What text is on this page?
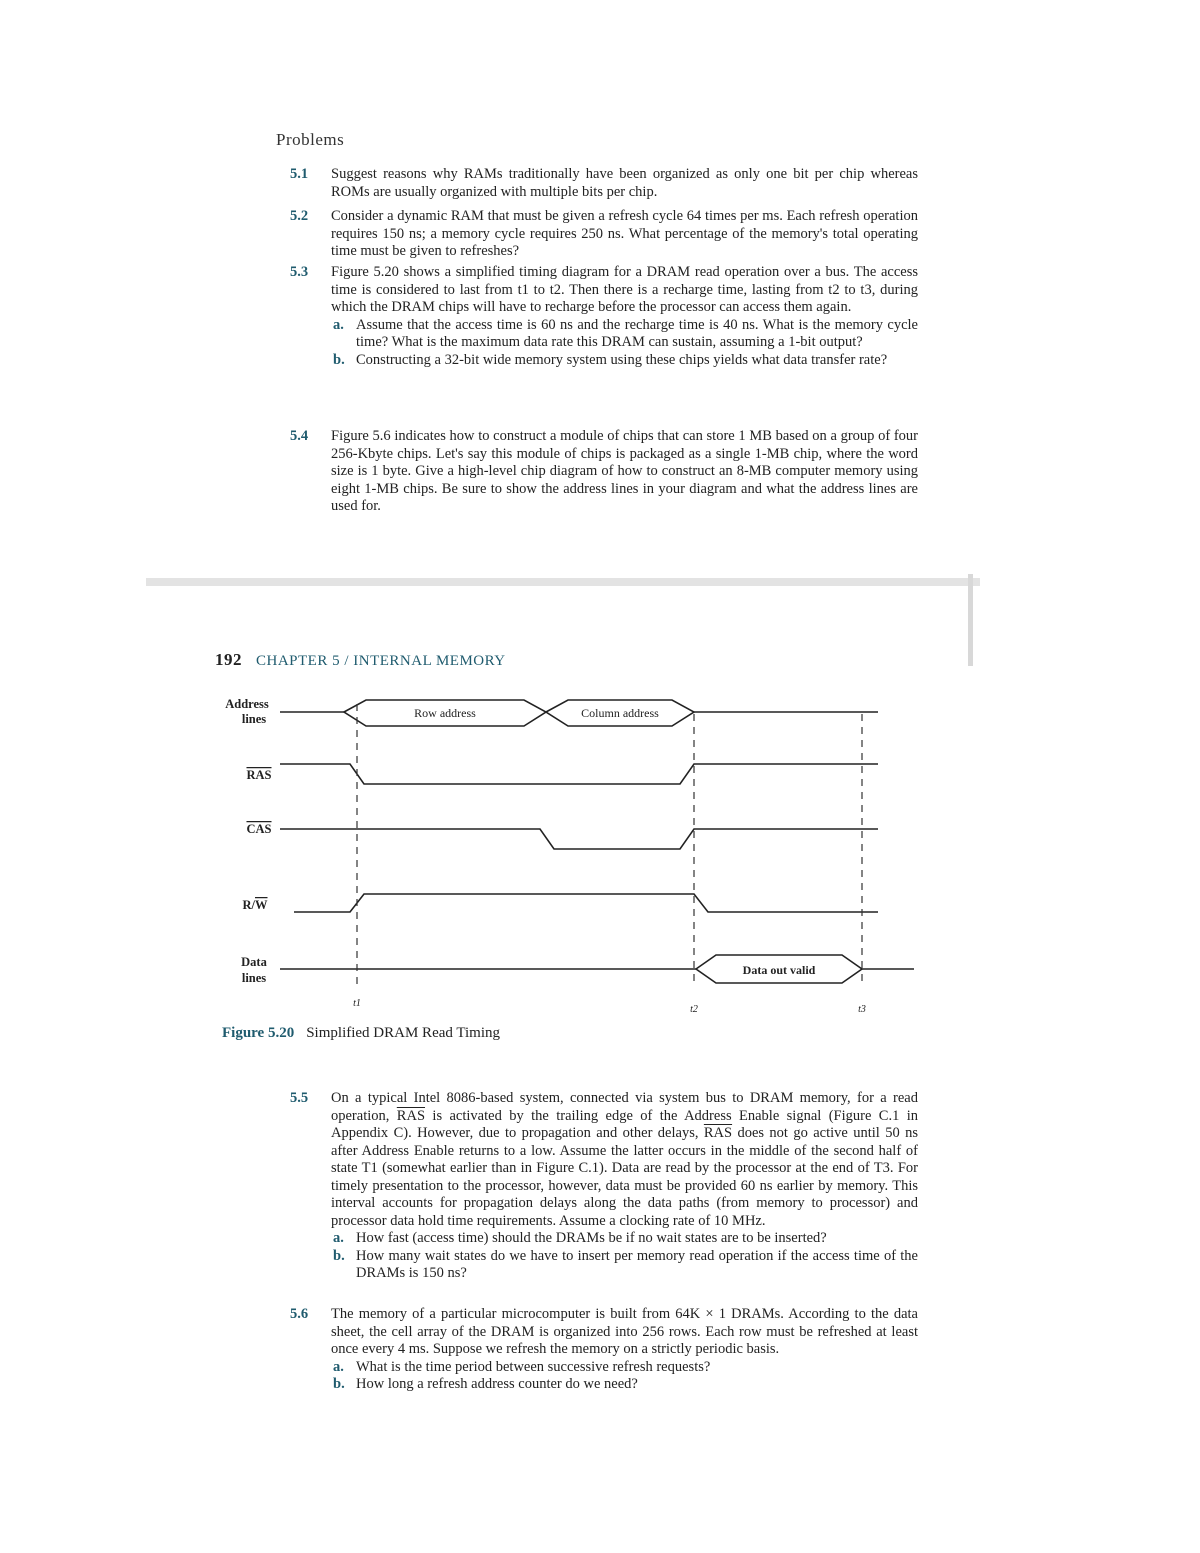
Problems
5.1	Suggest reasons why RAMs traditionally have been organized as only one bit per chip whereas ROMs are usually organized with multiple bits per chip.
5.2	Consider a dynamic RAM that must be given a refresh cycle 64 times per ms. Each refresh operation requires 150 ns; a memory cycle requires 250 ns. What percentage of the memory's total operating time must be given to refreshes?
5.3	Figure 5.20 shows a simplified timing diagram for a DRAM read operation over a bus. The access time is considered to last from t1 to t2. Then there is a recharge time, lasting from t2 to t3, during which the DRAM chips will have to recharge before the processor can access them again.
a. Assume that the access time is 60 ns and the recharge time is 40 ns. What is the memory cycle time? What is the maximum data rate this DRAM can sustain, assuming a 1-bit output?
b. Constructing a 32-bit wide memory system using these chips yields what data transfer rate?
5.4	Figure 5.6 indicates how to construct a module of chips that can store 1 MB based on a group of four 256-Kbyte chips. Let's say this module of chips is packaged as a single 1-MB chip, where the word size is 1 byte. Give a high-level chip diagram of how to construct an 8-MB computer memory using eight 1-MB chips. Be sure to show the address lines in your diagram and what the address lines are used for.
192 CHAPTER 5 / INTERNAL MEMORY
Address
lines
RAS
CAS
R/W
Data
lines
Row address	Column address
Data out valid
t1
t2	t3
Figure 5.20 Simplified DRAM Read Timing
5.5	On a typical Intel 8086-based system, connected via system bus to DRAM memory, for a read operation, $\overline{RAS}$ is activated by the trailing edge of the Address Enable signal (Figure C.1 in Appendix C). However, due to propagation and other delays, $\overline{RAS}$ does not go active until 50 ns after Address Enable returns to a low. Assume the latter occurs in the middle of the second half of state T1 (somewhat earlier than in Figure C.1). Data are read by the processor at the end of T3. For timely presentation to the processor, however, data must be provided 60 ns earlier by memory. This interval accounts for propagation delays along the data paths (from memory to processor) and processor data hold time requirements. Assume a clocking rate of 10 MHz.
a. How fast (access time) should the DRAMs be if no wait states are to be inserted?
b. How many wait states do we have to insert per memory read operation if the access time of the DRAMs is 150 ns?
5.6	The memory of a particular microcomputer is built from 64K × 1 DRAMs. According to the data sheet, the cell array of the DRAM is organized into 256 rows. Each row must be refreshed at least once every 4 ms. Suppose we refresh the memory on a strictly periodic basis.
a. What is the time period between successive refresh requests?
b. How long a refresh address counter do we need?
